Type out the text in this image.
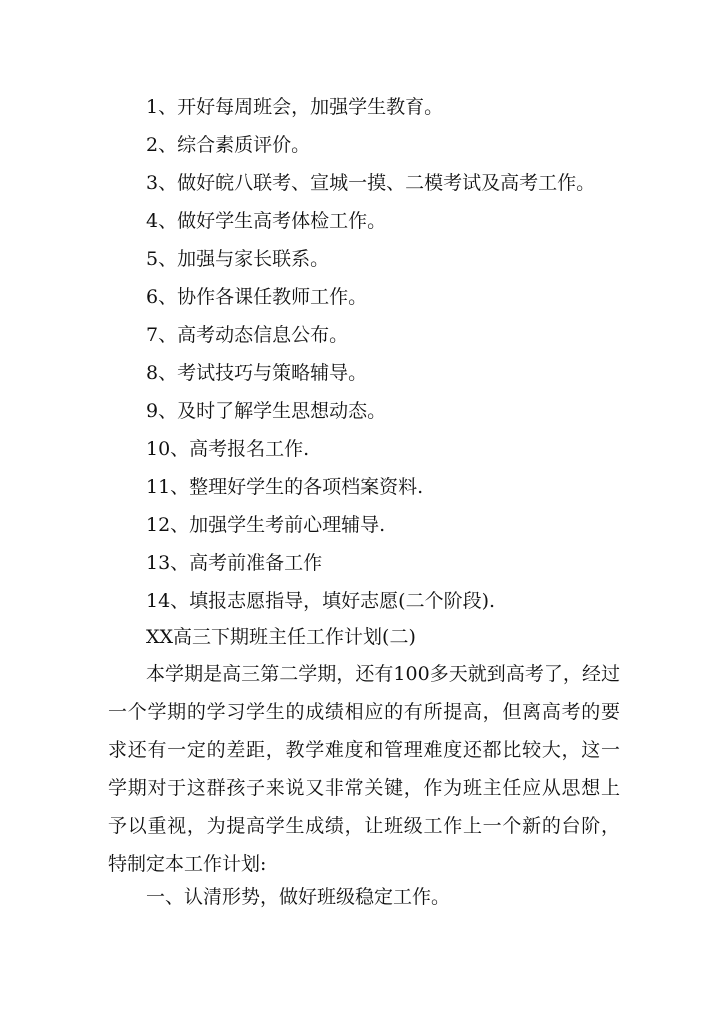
1、开好每周班会，加强学生教育。
2、综合素质评价。
3、做好皖八联考、宣城一摸、二模考试及高考工作。
4、做好学生高考体检工作。
5、加强与家长联系。
6、协作各课任教师工作。
7、高考动态信息公布。
8、考试技巧与策略辅导。
9、及时了解学生思想动态。
10、高考报名工作.
11、整理好学生的各项档案资料.
12、加强学生考前心理辅导.
13、高考前准备工作
14、填报志愿指导，填好志愿(二个阶段).
XX高三下期班主任工作计划(二)

本学期是高三第二学期，还有100多天就到高考了，经过一个学期的学习学生的成绩相应的有所提高，但离高考的要求还有一定的差距，教学难度和管理难度还都比较大，这一学期对于这群孩子来说又非常关键，作为班主任应从思想上予以重视，为提高学生成绩，让班级工作上一个新的台阶，特制定本工作计划:

一、认清形势，做好班级稳定工作。
